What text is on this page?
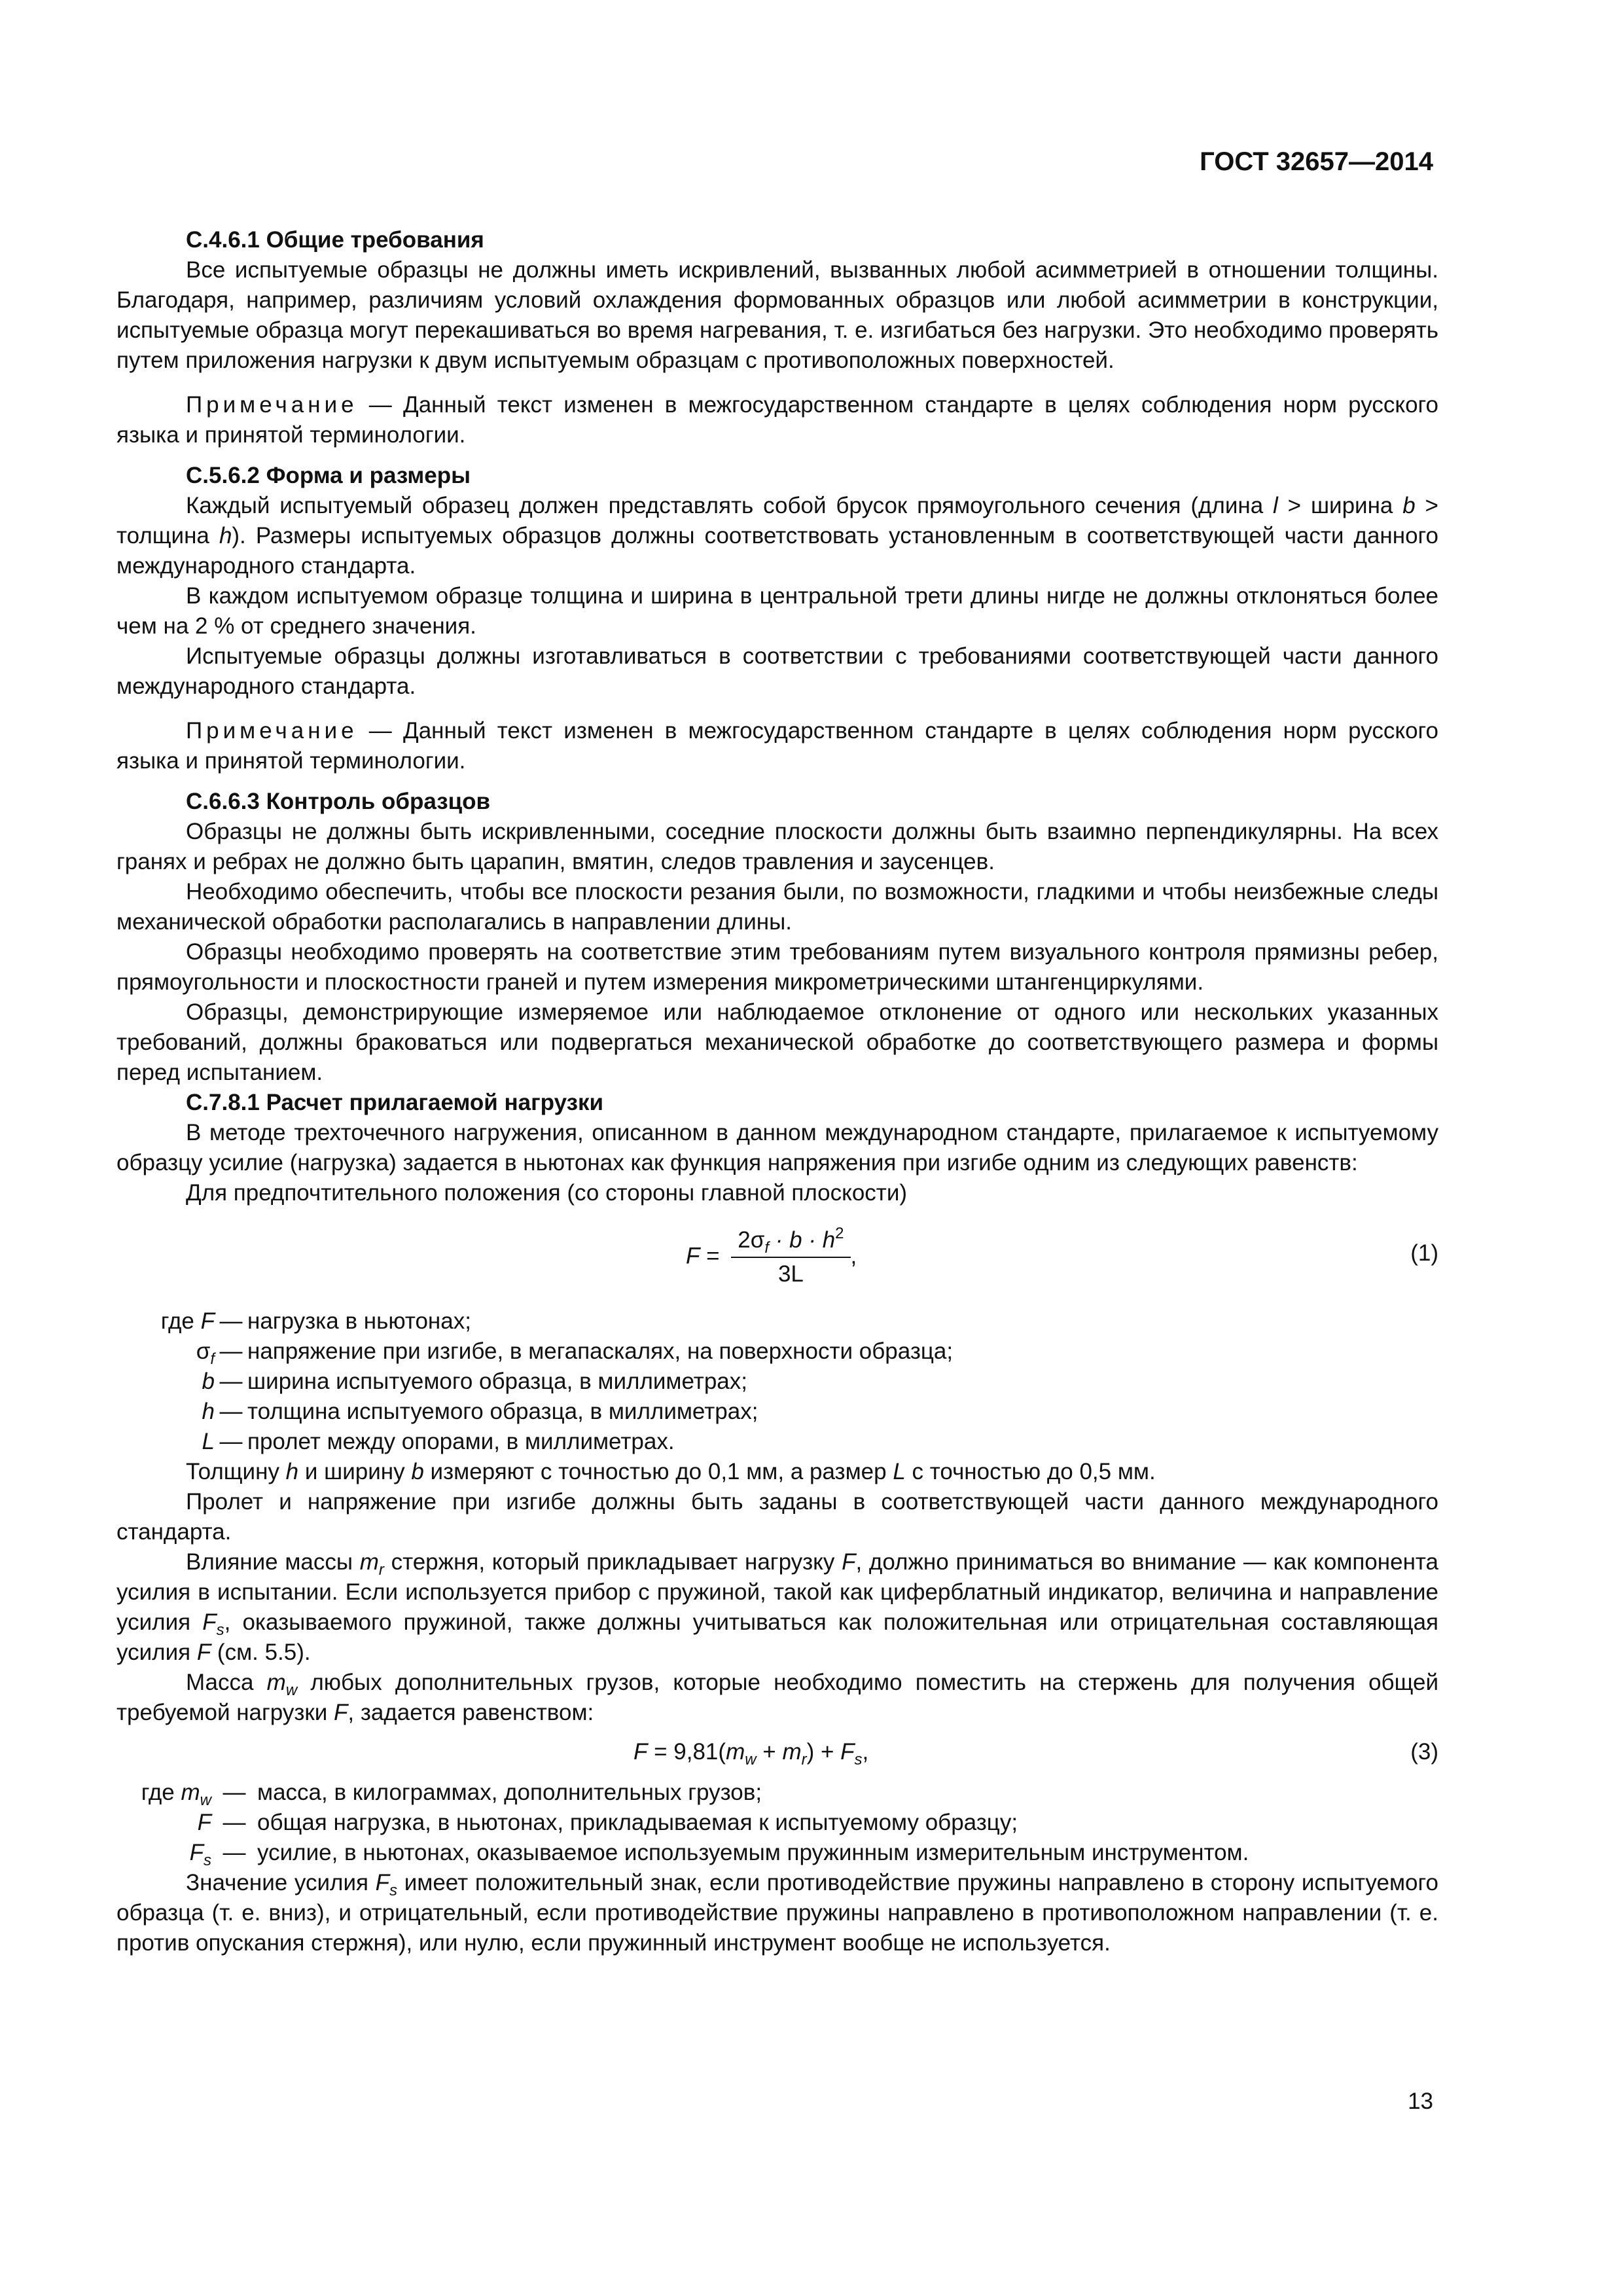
ГОСТ 32657—2014

С.4.6.1 Общие требования

Все испытуемые образцы не должны иметь искривлений, вызванных любой асимметрией в отношении толщины. Благодаря, например, различиям условий охлаждения формованных образцов или любой асимметрии в конструкции, испытуемые образца могут перекашиваться во время нагревания, т. е. изгибаться без нагрузки. Это необходимо проверять путем приложения нагрузки к двум испытуемым образцам с противоположных поверхностей.

Примечание — Данный текст изменен в межгосударственном стандарте в целях соблюдения норм русского языка и принятой терминологии.

С.5.6.2 Форма и размеры

Каждый испытуемый образец должен представлять собой брусок прямоугольного сечения (длина l > ширина b > толщина h). Размеры испытуемых образцов должны соответствовать установленным в соответствующей части данного международного стандарта.

В каждом испытуемом образце толщина и ширина в центральной трети длины нигде не должны отклоняться более чем на 2 % от среднего значения.

Испытуемые образцы должны изготавливаться в соответствии с требованиями соответствующей части данного международного стандарта.

Примечание — Данный текст изменен в межгосударственном стандарте в целях соблюдения норм русского языка и принятой терминологии.

С.6.6.3 Контроль образцов

Образцы не должны быть искривленными, соседние плоскости должны быть взаимно перпендикулярны. На всех гранях и ребрах не должно быть царапин, вмятин, следов травления и заусенцев.

Необходимо обеспечить, чтобы все плоскости резания были, по возможности, гладкими и чтобы неизбежные следы механической обработки располагались в направлении длины.

Образцы необходимо проверять на соответствие этим требованиям путем визуального контроля прямизны ребер, прямоугольности и плоскостности граней и путем измерения микрометрическими штангенциркулями.

Образцы, демонстрирующие измеряемое или наблюдаемое отклонение от одного или нескольких указанных требований, должны браковаться или подвергаться механической обработке до соответствующего размера и формы перед испытанием.

С.7.8.1 Расчет прилагаемой нагрузки

В методе трехточечного нагружения, описанном в данном международном стандарте, прилагаемое к испытуемому образцу усилие (нагрузка) задается в ньютонах как функция напряжения при изгибе одним из следующих равенств:

Для предпочтительного положения (со стороны главной плоскости)

$F = \frac{2\sigma_f \cdot b \cdot h^2}{3L}$ ,	(1)
где F — нагрузка в ньютонах;
$\sigma_f$ — напряжение при изгибе, в мегапаскалях, на поверхности образца;
b — ширина испытуемого образца, в миллиметрах;
h — толщина испытуемого образца, в миллиметрах;
L — пролет между опорами, в миллиметрах.

Толщину h и ширину b измеряют с точностью до 0,1 мм, а размер L с точностью до 0,5 мм.

Пролет и напряжение при изгибе должны быть заданы в соответствующей части данного международного стандарта.

Влияние массы $m_r$ стержня, который прикладывает нагрузку F, должно приниматься во внимание — как компонента усилия в испытании. Если используется прибор с пружиной, такой как циферблатный индикатор, величина и направление усилия $F_s$, оказываемого пружиной, также должны учитываться как положительная или отрицательная составляющая усилия F (см. 5.5).

Масса $m_w$ любых дополнительных грузов, которые необходимо поместить на стержень для получения общей требуемой нагрузки F, задается равенством:

$F = 9,81(m_w + m_r) + F_s$,	(3)
где $m_w$ — масса, в килограммах, дополнительных грузов;
F — общая нагрузка, в ньютонах, прикладываемая к испытуемому образцу;
$F_s$ — усилие, в ньютонах, оказываемое используемым пружинным измерительным инструментом.

Значение усилия $F_s$ имеет положительный знак, если противодействие пружины направлено в сторону испытуемого образца (т. е. вниз), и отрицательный, если противодействие пружины направлено в противоположном направлении (т. е. против опускания стержня), или нулю, если пружинный инструмент вообще не используется.

13
